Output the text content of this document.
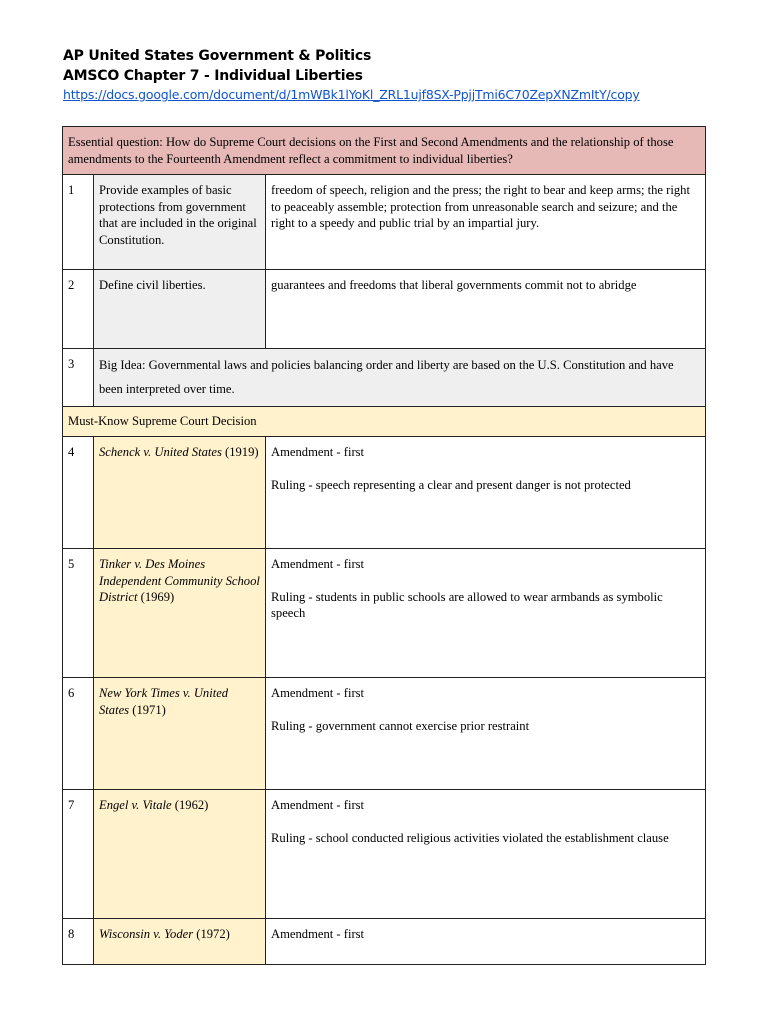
AP United States Government & Politics
AMSCO Chapter 7 - Individual Liberties
https://docs.google.com/document/d/1mWBk1lYoKl_ZRL1ujf8SX-PpjjTmi6C70ZepXNZmItY/copy
Essential question: How do Supreme Court decisions on the First and Second Amendments and the relationship of those amendments to the Fourteenth Amendment reflect a commitment to individual liberties?		
1	Provide examples of basic protections from government that are included in the original Constitution.	freedom of speech, religion and the press; the right to bear and keep arms; the right to peaceably assemble; protection from unreasonable search and seizure; and the right to a speedy and public trial by an impartial jury.
2	Define civil liberties.	guarantees and freedoms that liberal governments commit not to abridge
3	Big Idea: Governmental laws and policies balancing order and liberty are based on the U.S. Constitution and have been interpreted over time.	
Must-Know Supreme Court Decision		
4	Schenck v. United States (1919)	Amendment - first
Ruling - speech representing a clear and present danger is not protected

5	Tinker v. Des Moines Independent Community School District (1969)	Amendment - first
Ruling - students in public schools are allowed to wear armbands as symbolic speech

6	New York Times v. United States (1971)	Amendment - first
Ruling - government cannot exercise prior restraint

7	Engel v. Vitale (1962)	Amendment - first
Ruling - school conducted religious activities violated the establishment clause

8	Wisconsin v. Yoder (1972)	Amendment - first
